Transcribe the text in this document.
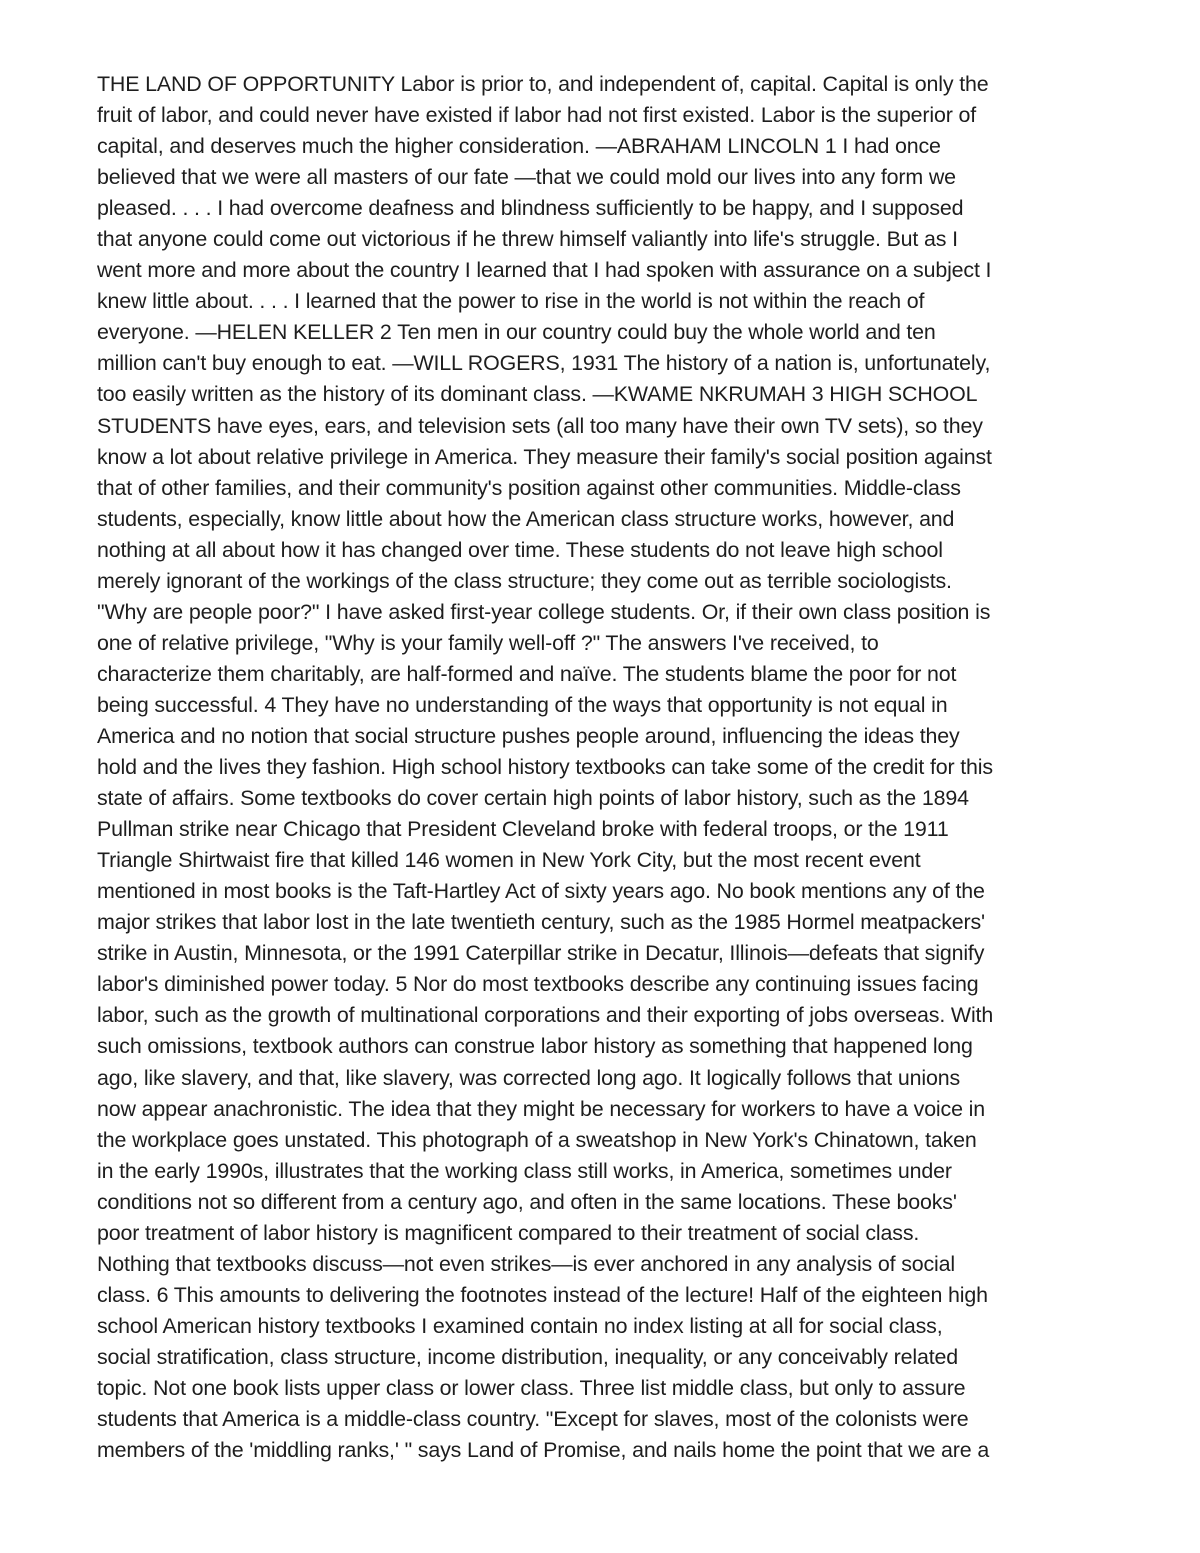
THE LAND OF OPPORTUNITY Labor is prior to, and independent of, capital. Capital is only the
fruit of labor, and could never have existed if labor had not first existed. Labor is the superior of
capital, and deserves much the higher consideration. —ABRAHAM LINCOLN 1 I had once
believed that we were all masters of our fate —that we could mold our lives into any form we
pleased. . . . I had overcome deafness and blindness sufficiently to be happy, and I supposed
that anyone could come out victorious if he threw himself valiantly into life's struggle. But as I
went more and more about the country I learned that I had spoken with assurance on a subject I
knew little about. . . . I learned that the power to rise in the world is not within the reach of
everyone. —HELEN KELLER 2 Ten men in our country could buy the whole world and ten
million can't buy enough to eat. —WILL ROGERS, 1931 The history of a nation is, unfortunately,
too easily written as the history of its dominant class. —KWAME NKRUMAH 3 HIGH SCHOOL
STUDENTS have eyes, ears, and television sets (all too many have their own TV sets), so they
know a lot about relative privilege in America. They measure their family's social position against
that of other families, and their community's position against other communities. Middle-class
students, especially, know little about how the American class structure works, however, and
nothing at all about how it has changed over time. These students do not leave high school
merely ignorant of the workings of the class structure; they come out as terrible sociologists.
"Why are people poor?" I have asked first-year college students. Or, if their own class position is
one of relative privilege, "Why is your family well-off ?" The answers I've received, to
characterize them charitably, are half-formed and naïve. The students blame the poor for not
being successful. 4 They have no understanding of the ways that opportunity is not equal in
America and no notion that social structure pushes people around, influencing the ideas they
hold and the lives they fashion. High school history textbooks can take some of the credit for this
state of affairs. Some textbooks do cover certain high points of labor history, such as the 1894
Pullman strike near Chicago that President Cleveland broke with federal troops, or the 1911
Triangle Shirtwaist fire that killed 146 women in New York City, but the most recent event
mentioned in most books is the Taft-Hartley Act of sixty years ago. No book mentions any of the
major strikes that labor lost in the late twentieth century, such as the 1985 Hormel meatpackers'
strike in Austin, Minnesota, or the 1991 Caterpillar strike in Decatur, Illinois—defeats that signify
labor's diminished power today. 5 Nor do most textbooks describe any continuing issues facing
labor, such as the growth of multinational corporations and their exporting of jobs overseas. With
such omissions, textbook authors can construe labor history as something that happened long
ago, like slavery, and that, like slavery, was corrected long ago. It logically follows that unions
now appear anachronistic. The idea that they might be necessary for workers to have a voice in
the workplace goes unstated. This photograph of a sweatshop in New York's Chinatown, taken
in the early 1990s, illustrates that the working class still works, in America, sometimes under
conditions not so different from a century ago, and often in the same locations. These books'
poor treatment of labor history is magnificent compared to their treatment of social class.
Nothing that textbooks discuss—not even strikes—is ever anchored in any analysis of social
class. 6 This amounts to delivering the footnotes instead of the lecture! Half of the eighteen high
school American history textbooks I examined contain no index listing at all for social class,
social stratification, class structure, income distribution, inequality, or any conceivably related
topic. Not one book lists upper class or lower class. Three list middle class, but only to assure
students that America is a middle-class country. "Except for slaves, most of the colonists were
members of the 'middling ranks,' " says Land of Promise, and nails home the point that we are a
